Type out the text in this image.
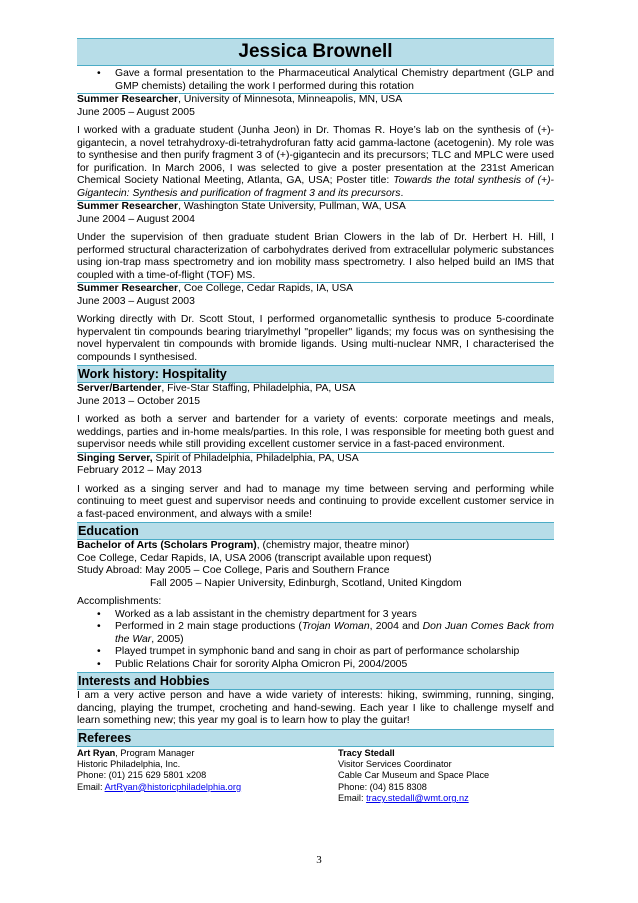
Jessica Brownell
• Gave a formal presentation to the Pharmaceutical Analytical Chemistry department (GLP and GMP chemists) detailing the work I performed during this rotation
Summer Researcher, University of Minnesota, Minneapolis, MN, USA
June 2005 – August 2005
I worked with a graduate student (Junha Jeon) in Dr. Thomas R. Hoye’s lab on the synthesis of (+)-gigantecin, a novel tetrahydroxy-di-tetrahydrofuran fatty acid gamma-lactone (acetogenin). My role was to synthesise and then purify fragment 3 of (+)-gigantecin and its precursors; TLC and MPLC were used for purification. In March 2006, I was selected to give a poster presentation at the 231st American Chemical Society National Meeting, Atlanta, GA, USA; Poster title: Towards the total synthesis of (+)-Gigantecin: Synthesis and purification of fragment 3 and its precursors.
Summer Researcher, Washington State University, Pullman, WA, USA
June 2004 – August 2004
Under the supervision of then graduate student Brian Clowers in the lab of Dr. Herbert H. Hill, I performed structural characterization of carbohydrates derived from extracellular polymeric substances using ion-trap mass spectrometry and ion mobility mass spectrometry. I also helped build an IMS that coupled with a time-of-flight (TOF) MS.
Summer Researcher, Coe College, Cedar Rapids, IA, USA
June 2003 – August 2003
Working directly with Dr. Scott Stout, I performed organometallic synthesis to produce 5-coordinate hypervalent tin compounds bearing triarylmethyl "propeller" ligands; my focus was on synthesising the novel hypervalent tin compounds with bromide ligands. Using multi-nuclear NMR, I characterised the compounds I synthesised.
Work history: Hospitality
Server/Bartender, Five-Star Staffing, Philadelphia, PA, USA
June 2013 – October 2015
I worked as both a server and bartender for a variety of events: corporate meetings and meals, weddings, parties and in-home meals/parties. In this role, I was responsible for meeting both guest and supervisor needs while still providing excellent customer service in a fast-paced environment.
Singing Server, Spirit of Philadelphia, Philadelphia, PA, USA
February 2012 – May 2013
I worked as a singing server and had to manage my time between serving and performing while continuing to meet guest and supervisor needs and continuing to provide excellent customer service in a fast-paced environment, and always with a smile!
Education
Bachelor of Arts (Scholars Program), (chemistry major, theatre minor)
Coe College, Cedar Rapids, IA, USA 2006 (transcript available upon request)
Study Abroad: May 2005 – Coe College, Paris and Southern France
Fall 2005 – Napier University, Edinburgh, Scotland, United Kingdom
Accomplishments:
• Worked as a lab assistant in the chemistry department for 3 years
• Performed in 2 main stage productions (Trojan Woman, 2004 and Don Juan Comes Back from the War, 2005)
• Played trumpet in symphonic band and sang in choir as part of performance scholarship
• Public Relations Chair for sorority Alpha Omicron Pi, 2004/2005
Interests and Hobbies
I am a very active person and have a wide variety of interests: hiking, swimming, running, singing, dancing, playing the trumpet, crocheting and hand-sewing. Each year I like to challenge myself and learn something new; this year my goal is to learn how to play the guitar!
Referees
Art Ryan, Program Manager
Historic Philadelphia, Inc.
Phone: (01) 215 629 5801 x208
Email: ArtRyan@historicphiladelphia.org
Tracy Stedall
Visitor Services Coordinator
Cable Car Museum and Space Place
Phone: (04) 815 8308
Email: tracy.stedall@wmt.org.nz
3
